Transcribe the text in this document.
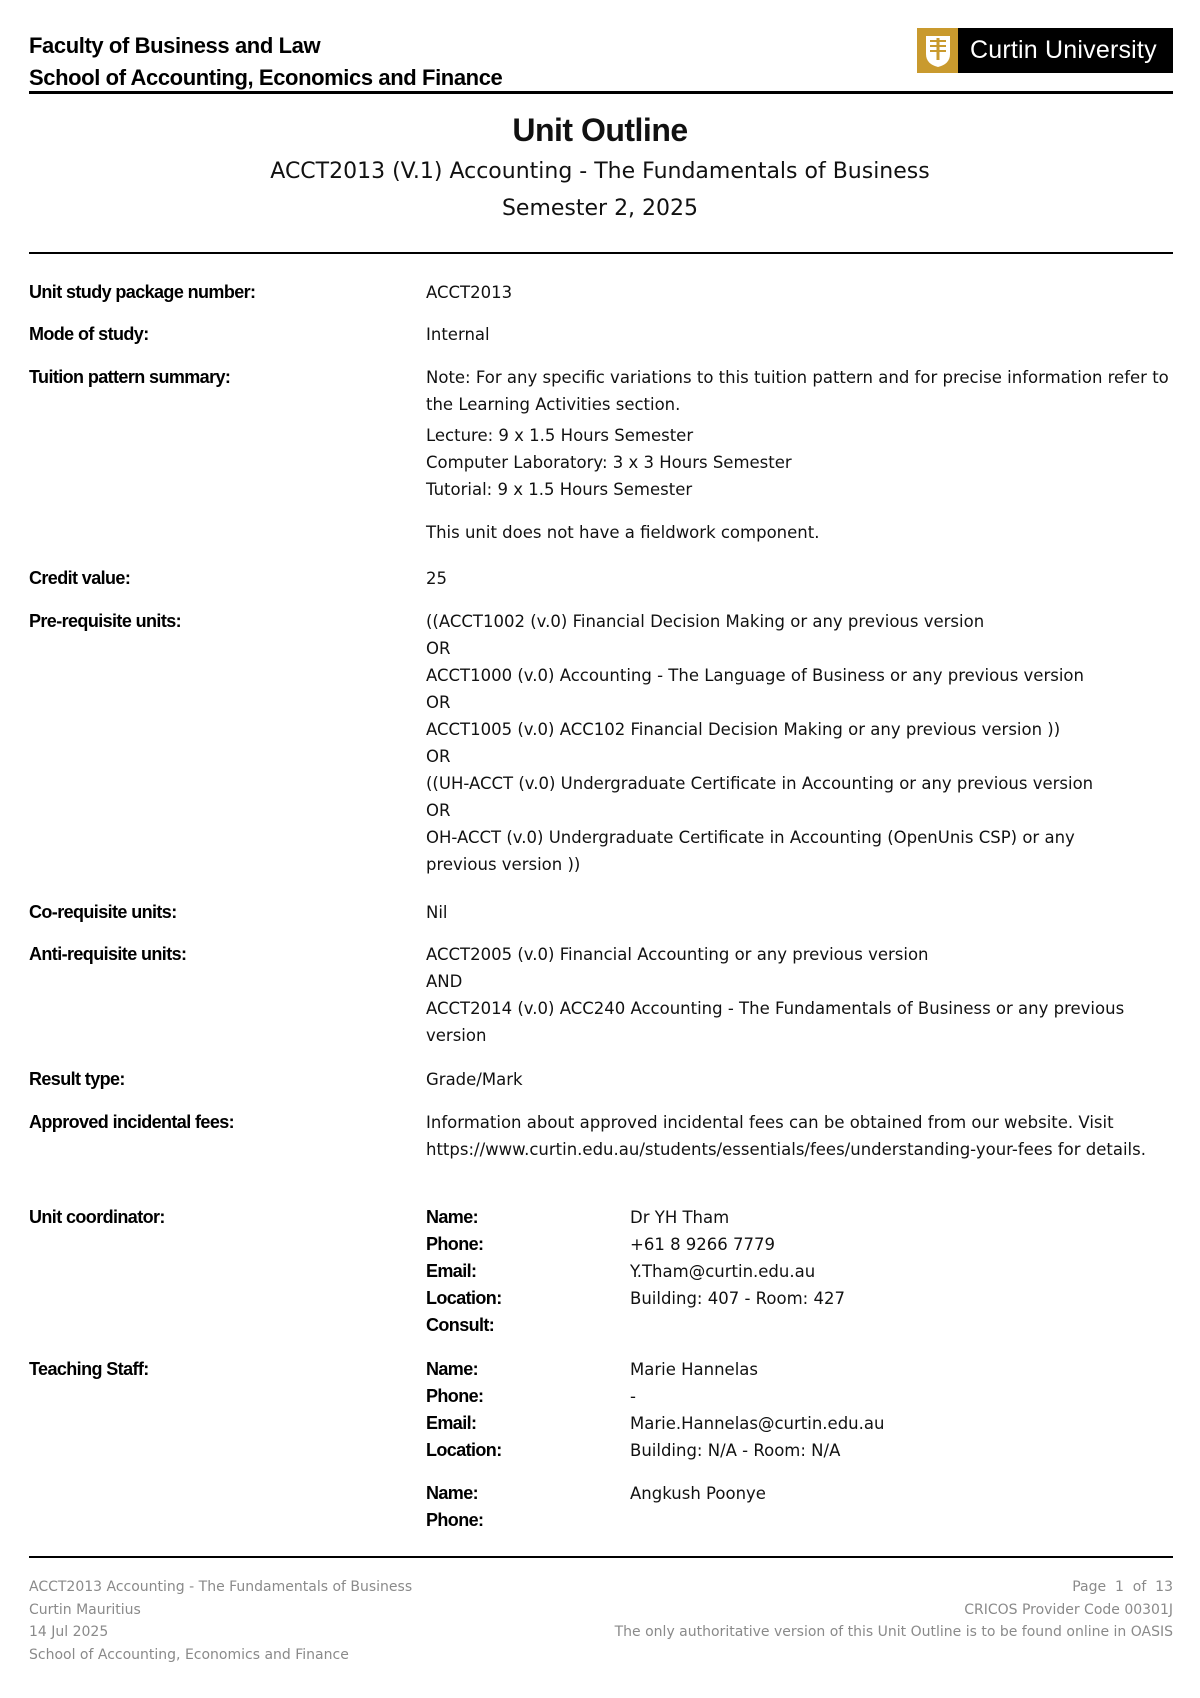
Faculty of Business and Law
School of Accounting, Economics and Finance
Curtin University
Unit Outline
ACCT2013 (V.1) Accounting - The Fundamentals of Business
Semester 2, 2025
Unit study package number:	ACCT2013
Mode of study:	Internal
Tuition pattern summary:	Note: For any specific variations to this tuition pattern and for precise information refer to the Learning Activities section.
Lecture: 9 x 1.5 Hours Semester
Computer Laboratory: 3 x 3 Hours Semester
Tutorial: 9 x 1.5 Hours Semester
This unit does not have a fieldwork component.
Credit value:	25
Pre-requisite units:	((ACCT1002 (v.0) Financial Decision Making or any previous version
OR
ACCT1000 (v.0) Accounting - The Language of Business or any previous version
OR
ACCT1005 (v.0) ACC102 Financial Decision Making or any previous version ))
OR
((UH-ACCT (v.0) Undergraduate Certificate in Accounting or any previous version
OR
OH-ACCT (v.0) Undergraduate Certificate in Accounting (OpenUnis CSP) or any
previous version ))
Co-requisite units:	Nil
Anti-requisite units:	ACCT2005 (v.0) Financial Accounting or any previous version
AND
ACCT2014 (v.0) ACC240 Accounting - The Fundamentals of Business or any previous
version
Result type:	Grade/Mark
Approved incidental fees:	Information about approved incidental fees can be obtained from our website. Visit https://www.curtin.edu.au/students/essentials/fees/understanding-your-fees for details.
Unit coordinator:	Name:	Dr YH Tham
Phone:	+61 8 9266 7779
Email:	Y.Tham@curtin.edu.au
Location:	Building: 407 - Room: 427
Consult:
Teaching Staff:	Name:	Marie Hannelas
Phone:	-
Email:	Marie.Hannelas@curtin.edu.au
Location:	Building: N/A - Room: N/A
Name:	Angkush Poonye
Phone:
ACCT2013 Accounting - The Fundamentals of Business
Curtin Mauritius
14 Jul 2025
School of Accounting, Economics and Finance
Page  1  of  13
CRICOS Provider Code 00301J
The only authoritative version of this Unit Outline is to be found online in OASIS
